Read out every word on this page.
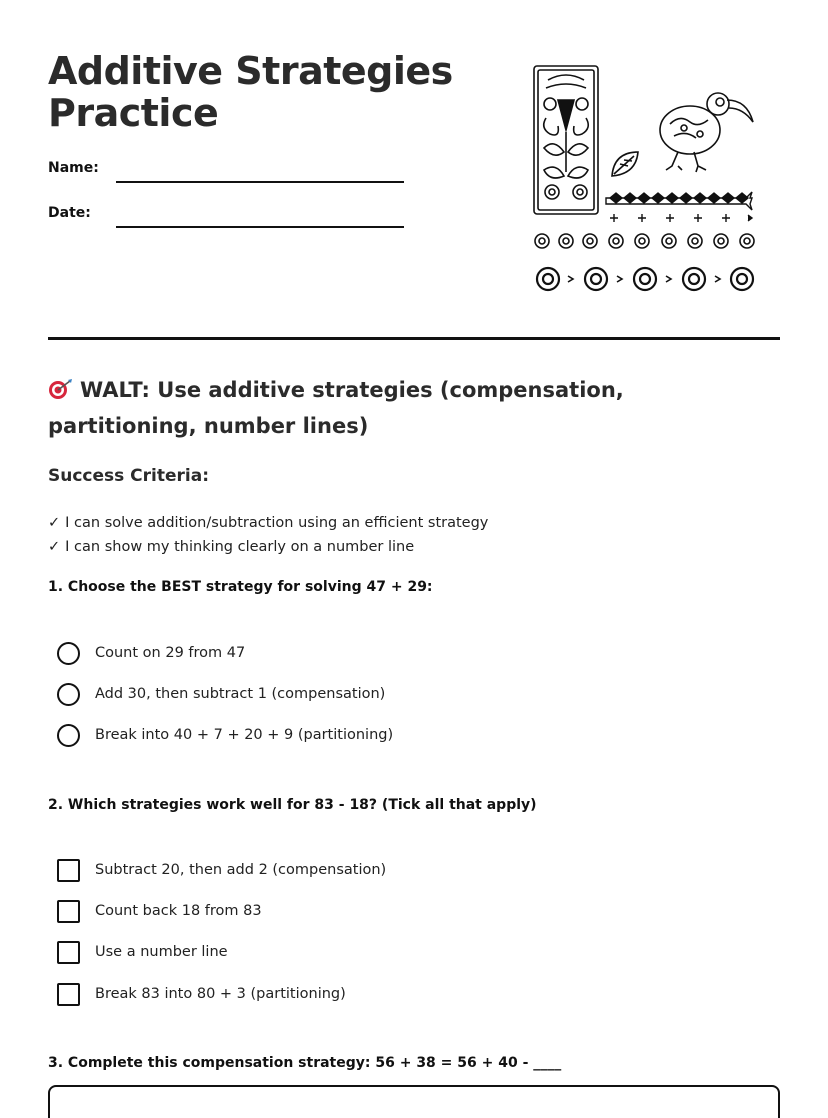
Additive Strategies Practice
Name:
Date:
WALT: Use additive strategies (compensation, partitioning, number lines)
Success Criteria:
✓ I can solve addition/subtraction using an efficient strategy
✓ I can show my thinking clearly on a number line
1. Choose the BEST strategy for solving 47 + 29:
Count on 29 from 47
Add 30, then subtract 1 (compensation)
Break into 40 + 7 + 20 + 9 (partitioning)
2. Which strategies work well for 83 - 18? (Tick all that apply)
Subtract 20, then add 2 (compensation)
Count back 18 from 83
Use a number line
Break 83 into 80 + 3 (partitioning)
3. Complete this compensation strategy: 56 + 38 = 56 + 40 - ____
